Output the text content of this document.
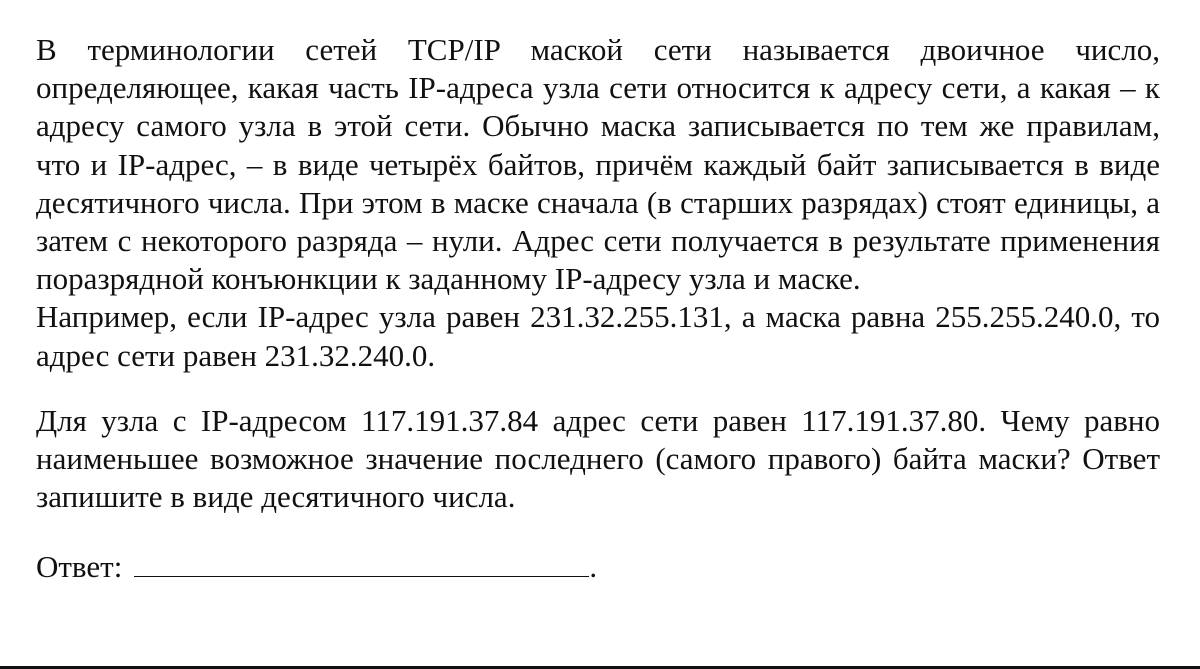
В терминологии сетей TCP/IP маской сети называется двоичное число, определяющее, какая часть IP-адреса узла сети относится к адресу сети, а какая – к адресу самого узла в этой сети. Обычно маска записывается по тем же правилам, что и IP-адрес, – в виде четырёх байтов, причём каждый байт записывается в виде десятичного числа. При этом в маске сначала (в старших разрядах) стоят единицы, а затем с некоторого разряда – нули. Адрес сети получается в результате применения поразрядной конъюнкции к заданному IP-адресу узла и маске.

Например, если IP-адрес узла равен 231.32.255.131, а маска равна 255.255.240.0, то адрес сети равен 231.32.240.0.

Для узла с IP-адресом 117.191.37.84 адрес сети равен 117.191.37.80. Чему равно наименьшее возможное значение последнего (самого правого) байта маски? Ответ запишите в виде десятичного числа.

Ответ:	.
